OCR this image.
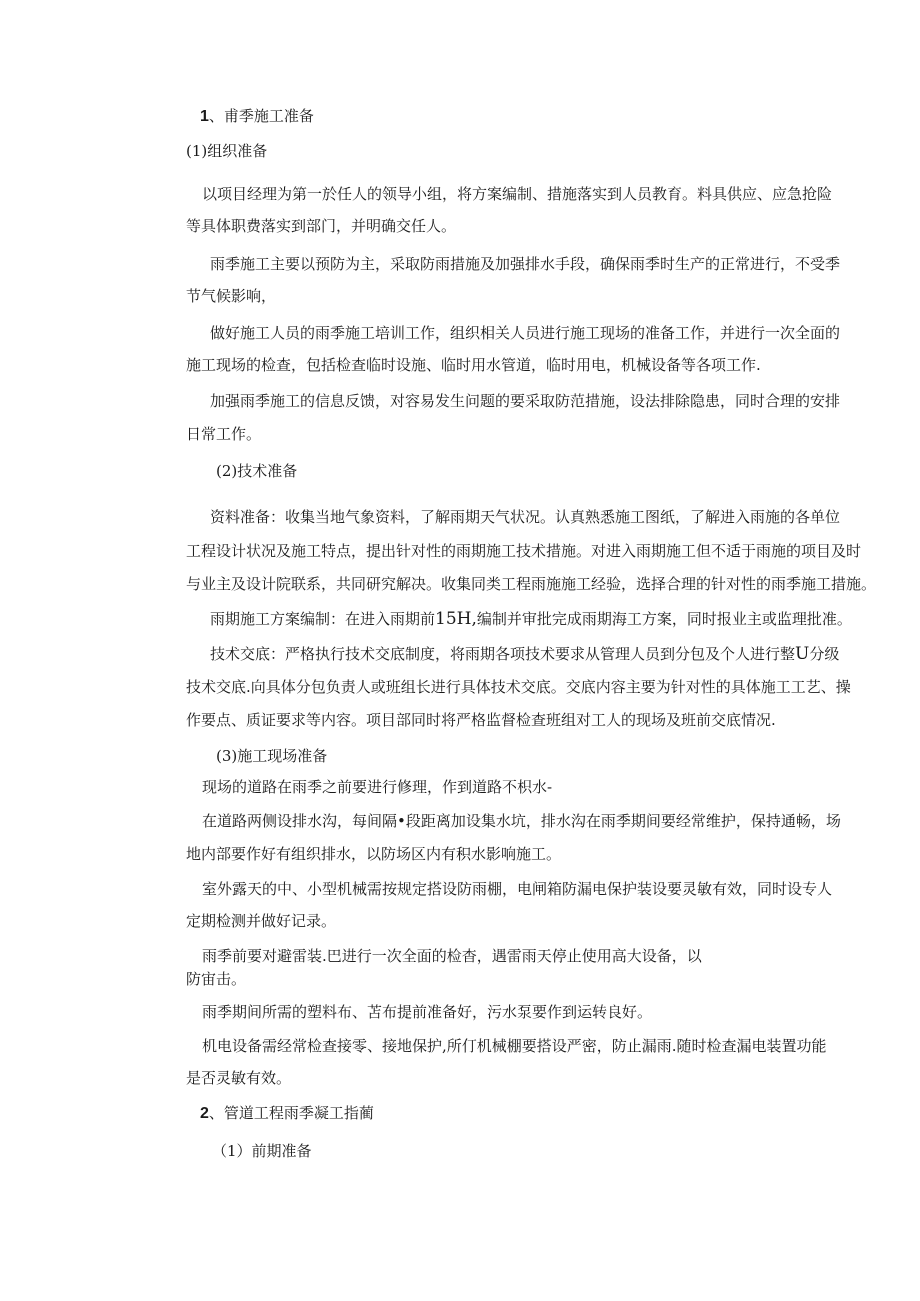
1、甫季施工准备
(1)组织准备
以项目经理为第一於任人的领导小组，将方案编制、措施落实到人员教育。料具供应、应急抢险
等具体职费落实到部门，并明确交任人。
雨季施工主要以预防为主，采取防雨措施及加强排水手段，确保雨季时生产的正常进行，不受季
节气候影响，
做好施工人员的雨季施工培训工作，组织相关人员进行施工现场的准备工作，并进行一次全面的
施工现场的检查，包括检查临时设施、临时用水管道，临时用电，机械设备等各项工作.
加强雨季施工的信息反馈，对容易发生问题的要采取防范措施，设法排除隐患，同时合理的安排
日常工作。
(2)技术准备
资料准备：收集当地气象资料，了解雨期天气状况。认真熟悉施工图纸，了解进入雨施的各单位
工程设计状况及施工特点，提出针对性的雨期施工技术措施。对进入雨期施工但不适于雨施的项目及时
与业主及设计院联系，共同研究解决。收集同类工程雨施施工经验，选择合理的针对性的雨季施工措施。
雨期施工方案编制：在进入雨期前15H,编制并审批完成雨期海工方案，同时报业主或监理批准。
技术交底：严格执行技术交底制度，将雨期各项技术要求从管理人员到分包及个人进行整U分级
技术交底.向具体分包负责人或班组长进行具体技术交底。交底内容主要为针对性的具体施工工艺、操
作要点、质证要求等内容。项目部同时将严格监督检查班组对工人的现场及班前交底情况.
(3)施工现场准备
现场的道路在雨季之前要进行修理，作到道路不枳水-
在道路两侧设排水沟，每间隔•段距离加设集水坑，排水沟在雨季期间要经常维护，保持通畅，场
地内部要作好有组织排水，以防场区内有积水影响施工。
室外露天的中、小型机械需按规定搭设防雨棚，电闸箱防漏电保护装设要灵敏有效，同时设专人
定期检测并做好记录。
雨季前要对避雷装.巴进行一次全面的检杳，遇雷雨天停止使用高大设备，以
防宙击。
雨季期间所需的塑料布、苫布提前准备好，污水泵要作到运转良好。
机电设备需经常检查接零、接地保护,所仃机械棚要搭设严密，防止漏雨.随时检查漏电装置功能
是否灵敏有效。
2、管道工程雨季凝工指蔺
（1）前期准备
